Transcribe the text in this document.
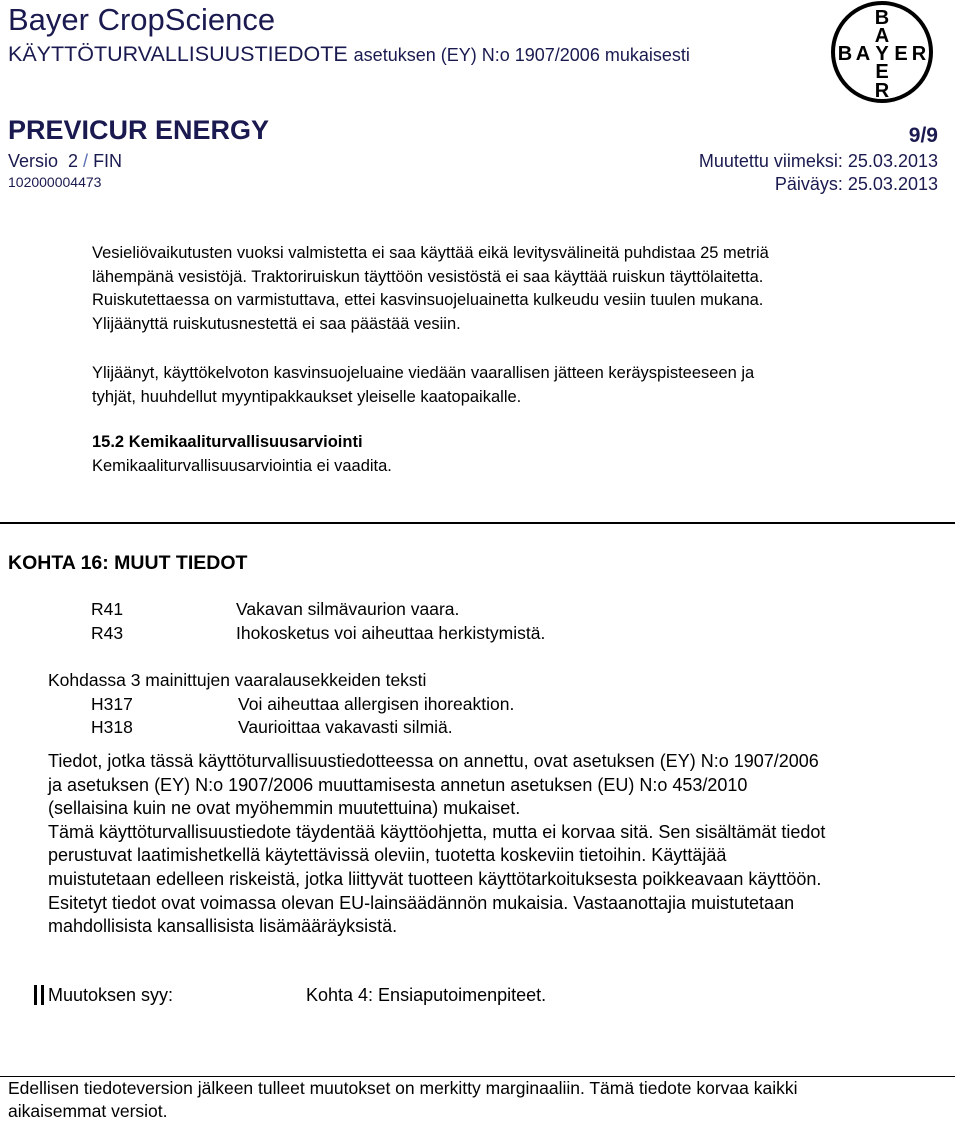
Bayer CropScience
KÄYTTÖTURVALLISUUSTIEDOTE asetuksen (EY) N:o 1907/2006 mukaisesti
PREVICUR ENERGY	9/9
Versio  2 / FIN	Muutettu viimeksi: 25.03.2013
102000004473	Päiväys: 25.03.2013
B
A
E
R
B A Y E R
Vesieliövaikutusten vuoksi valmistetta ei saa käyttää eikä levitysvälineitä puhdistaa 25 metriä
lähempänä vesistöjä. Traktoriruiskun täyttöön vesistöstä ei saa käyttää ruiskun täyttölaitetta.
Ruiskutettaessa on varmistuttava, ettei kasvinsuojeluainetta kulkeudu vesiin tuulen mukana.
Ylijäänyttä ruiskutusnestettä ei saa päästää vesiin.
Ylijäänyt, käyttökelvoton kasvinsuojeluaine viedään vaarallisen jätteen keräyspisteeseen ja
tyhjät, huuhdellut myyntipakkaukset yleiselle kaatopaikalle.
15.2 Kemikaaliturvallisuusarviointi
Kemikaaliturvallisuusarviointia ei vaadita.
KOHTA 16: MUUT TIEDOT
R41	Vakavan silmävaurion vaara.
R43	Ihokosketus voi aiheuttaa herkistymistä.
Kohdassa 3 mainittujen vaaralausekkeiden teksti
H317	Voi aiheuttaa allergisen ihoreaktion.
H318	Vaurioittaa vakavasti silmiä.
Tiedot, jotka tässä käyttöturvallisuustiedotteessa on annettu, ovat asetuksen (EY) N:o 1907/2006
ja asetuksen (EY) N:o 1907/2006 muuttamisesta annetun asetuksen (EU) N:o 453/2010
(sellaisina kuin ne ovat myöhemmin muutettuina) mukaiset.
Tämä käyttöturvallisuustiedote täydentää käyttöohjetta, mutta ei korvaa sitä. Sen sisältämät tiedot
perustuvat laatimishetkellä käytettävissä oleviin, tuotetta koskeviin tietoihin. Käyttäjää
muistutetaan edelleen riskeistä, jotka liittyvät tuotteen käyttötarkoituksesta poikkeavaan käyttöön.
Esitetyt tiedot ovat voimassa olevan EU-lainsäädännön mukaisia. Vastaanottajia muistutetaan
mahdollisista kansallisista lisämääräyksistä.
Muutoksen syy:	Kohta 4: Ensiaputoimenpiteet.
Edellisen tiedoteversion jälkeen tulleet muutokset on merkitty marginaaliin. Tämä tiedote korvaa kaikki
aikaisemmat versiot.
